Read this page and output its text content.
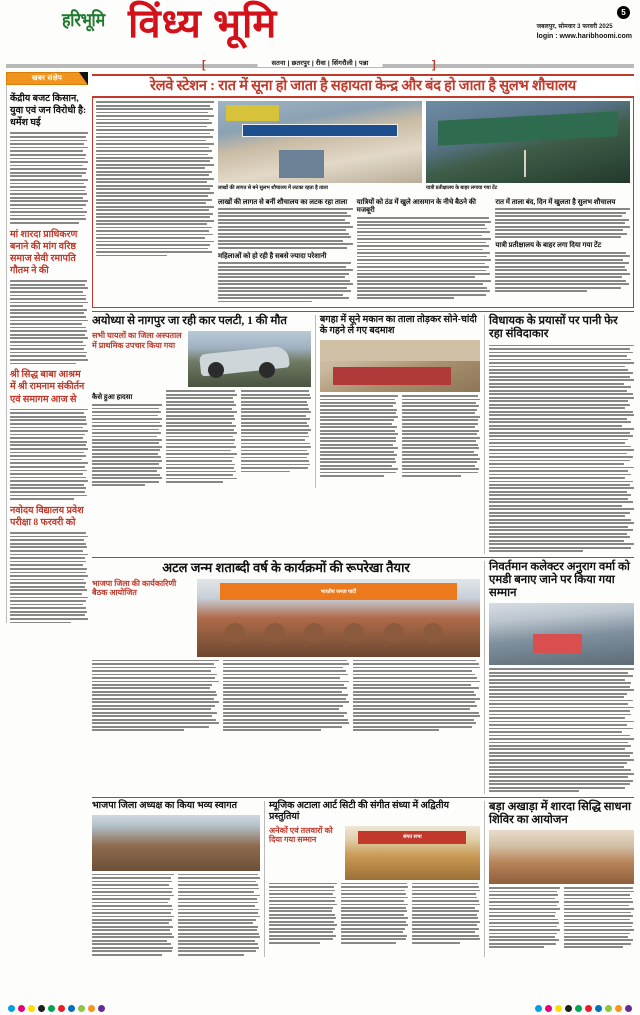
हरिभूमि विंध्य भूमि	जबलपुर, सोमवार 3 फरवरी 2025
login : www.haribhoomi.com
5
[	]
सतना | छतरपुर | रीवा | सिंगरौली | पन्ना
खबर संक्षेप
केंद्रीय बजट किसान, युवा एवं जन विरोधी है: धर्मेश घई
मां शारदा प्राधिकरण बनाने की मांग वरिष्ठ समाज सेवी रमापति गौतम ने की
श्री सिद्ध बाबा आश्रम में श्री रामनाम संकीर्तन एवं समागम आज से
नवोदय विद्यालय प्रवेश परीक्षा 8 फरवरी को
रेलवे स्टेशन : रात में सूना हो जाता है सहायता केन्द्र और बंद हो जाता है सुलभ शौचालय
लाखों की लागत से बने सुलभ शौचालय में लटका रहता है ताला	यात्री प्रतीक्षालय के बाहर लगाया गया टेंट
लाखों की लागत से बनीं शौचालय का लटक रहा ताला
महिलाओं को हो रही है सबसे ज्यादा परेशानी
यात्रियों को ठंड में खुले आसमान के नीचे बैठने की मजबूरी
रात में ताला बंद, दिन में खुलता है सुलभ शौचालय
यात्री प्रतीक्षालय के बाहर लगा दिया गया टेंट
अयोध्या से नागपुर जा रही कार पलटी, 1 की मौत
सभी घायलों का जिला अस्पताल में प्राथमिक उपचार किया गया
कैसे हुआ हादसा
बगहा में सूने मकान का ताला तोड़कर सोने-चांदी के गहने ले गए बदमाश
विधायक के प्रयासों पर पानी फेर रहा संविदाकार
अटल जन्म शताब्दी वर्ष के कार्यक्रमों की रूपरेखा तैयार
भाजपा जिला की कार्यकारिणी बैठक आयोजित	भारतीय जनता पार्टी
निवर्तमान कलेक्टर अनुराग वर्मा को एमडी बनाए जाने पर किया गया सम्मान
भाजपा जिला अध्यक्ष का किया भव्य स्वागत	म्यूजिक अटाला आर्ट सिटी की संगीत संध्या में अद्वितीय प्रस्तुतियां
अनेकों एवं तलवारों को दिया गया सम्मान	संगत सभा
बड़ा अखाड़ा में शारदा सिद्धि साधना शिविर का आयोजन
